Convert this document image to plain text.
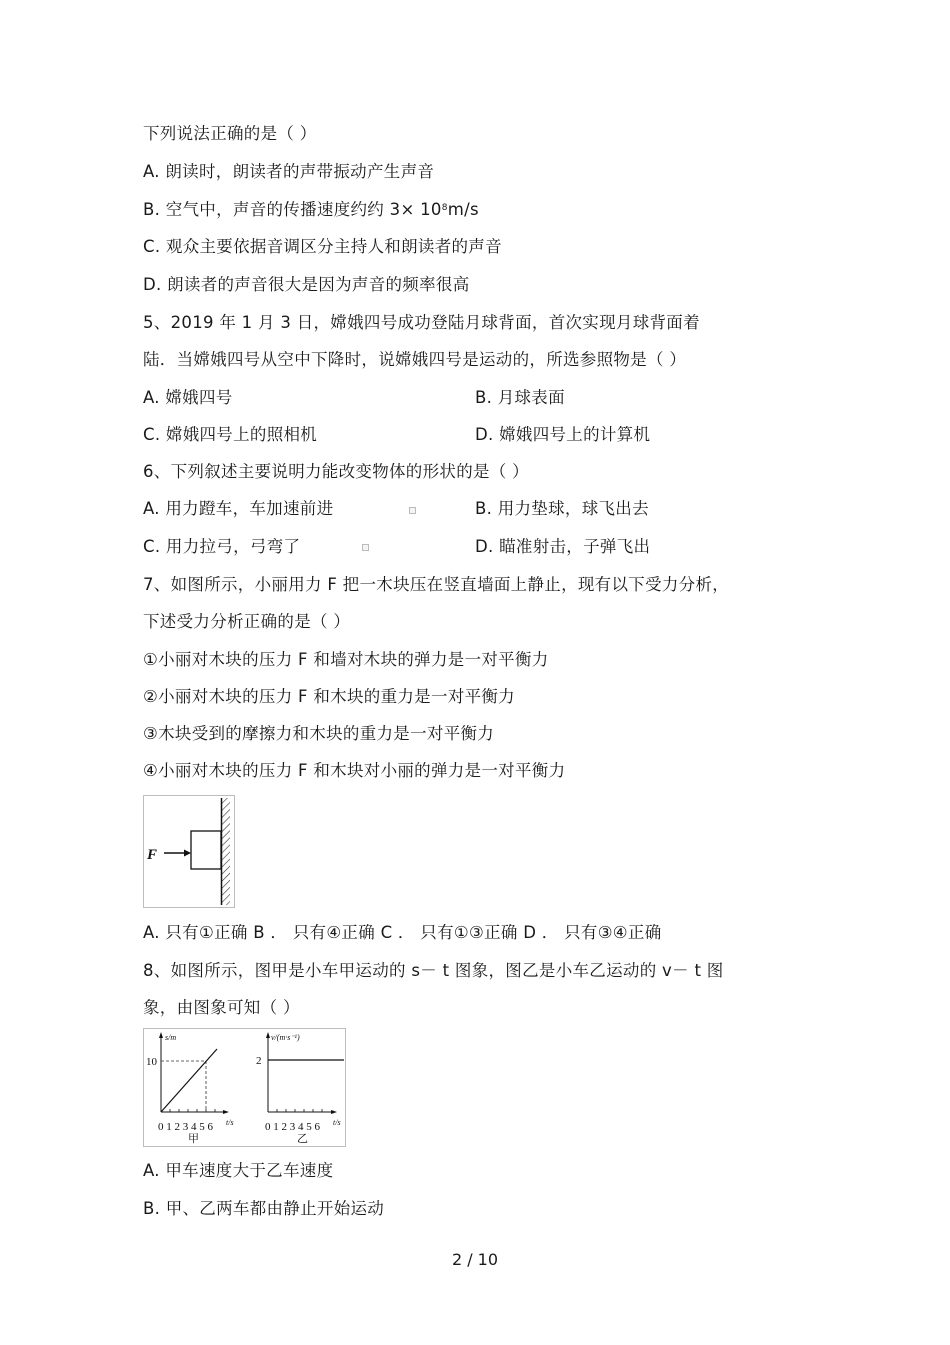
下列说法正确的是（ ）
A. 朗读时，朗读者的声带振动产生声音
B. 空气中，声音的传播速度约约 $3\times 10^8m/s$
C. 观众主要依据音调区分主持人和朗读者的声音
D. 朗读者的声音很大是因为声音的频率很高
5、2019 年 1 月 3 日，嫦娥四号成功登陆月球背面，首次实现月球背面着
陆．当嫦娥四号从空中下降时，说嫦娥四号是运动的，所选参照物是（ ）
A. 嫦娥四号	B. 月球表面
C. 嫦娥四号上的照相机	D. 嫦娥四号上的计算机
6、下列叙述主要说明力能改变物体的形状的是（ ）
A. 用力蹬车，车加速前进	B. 用力垫球，球飞出去
C. 用力拉弓，弓弯了	D. 瞄准射击，子弹飞出
7、如图所示，小丽用力 F 把一木块压在竖直墙面上静止，现有以下受力分析，
下述受力分析正确的是（ ）
①小丽对木块的压力 F 和墙对木块的弹力是一对平衡力
②小丽对木块的压力 F 和木块的重力是一对平衡力
③木块受到的摩擦力和木块的重力是一对平衡力
④小丽对木块的压力 F 和木块对小丽的弹力是一对平衡力
F
A. 只有①正确 B ． 只有④正确 C ． 只有①③正确 D ． 只有③④正确
8、如图所示，图甲是小车甲运动的 s－ t 图象，图乙是小车乙运动的 v－ t 图
象，由图象可知（ ）
s/m
10
0 1 2 3 4 5 6 t/s
甲
v/(m·s⁻¹)
2
0 1 2 3 4 5 6 t/s
乙
A. 甲车速度大于乙车速度
B. 甲、乙两车都由静止开始运动
2 / 10
